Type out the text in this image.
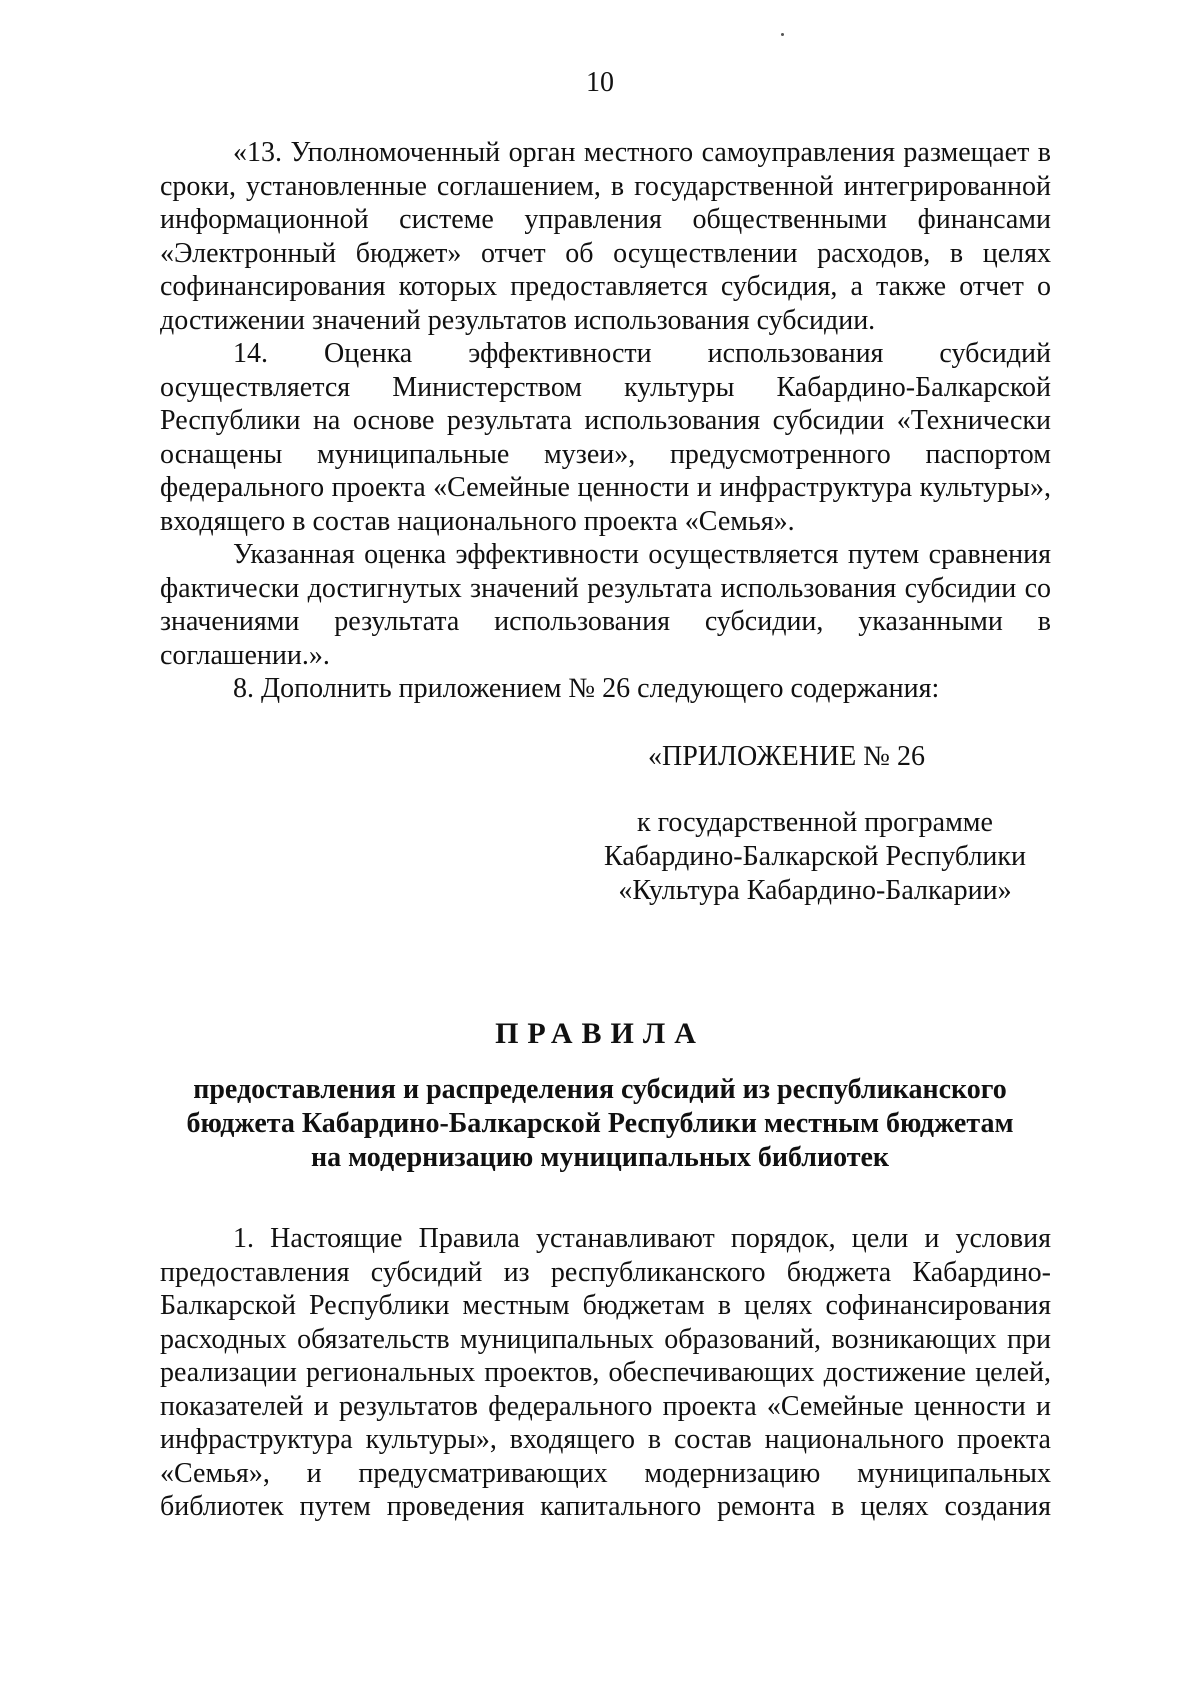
10

«13. Уполномоченный орган местного самоуправления размещает в сроки, установленные соглашением, в государственной интегрированной информационной системе управления общественными финансами «Электронный бюджет» отчет об осуществлении расходов, в целях софинансирования которых предоставляется субсидия, а также отчет о достижении значений результатов использования субсидии.

14. Оценка эффективности использования субсидий осуществляется Министерством культуры Кабардино-Балкарской Республики на основе результата использования субсидии «Технически оснащены муниципальные музеи», предусмотренного паспортом федерального проекта «Семейные ценности и инфраструктура культуры», входящего в состав национального проекта «Семья».

Указанная оценка эффективности осуществляется путем сравнения фактически достигнутых значений результата использования субсидии со значениями результата использования субсидии, указанными в соглашении.».

8. Дополнить приложением № 26 следующего содержания:

«ПРИЛОЖЕНИЕ № 26
к государственной программе
Кабардино-Балкарской Республики
«Культура Кабардино-Балкарии»
ПРАВИЛА
предоставления и распределения субсидий из республиканского
бюджета Кабардино-Балкарской Республики местным бюджетам
на модернизацию муниципальных библиотек

1. Настоящие Правила устанавливают порядок, цели и условия предоставления субсидий из республиканского бюджета Кабардино-Балкарской Республики местным бюджетам в целях софинансирования расходных обязательств муниципальных образований, возникающих при реализации региональных проектов, обеспечивающих достижение целей, показателей и результатов федерального проекта «Семейные ценности и инфраструктура культуры», входящего в состав национального проекта «Семья», и предусматривающих модернизацию муниципальных библиотек путем проведения капитального ремонта в целях создания
